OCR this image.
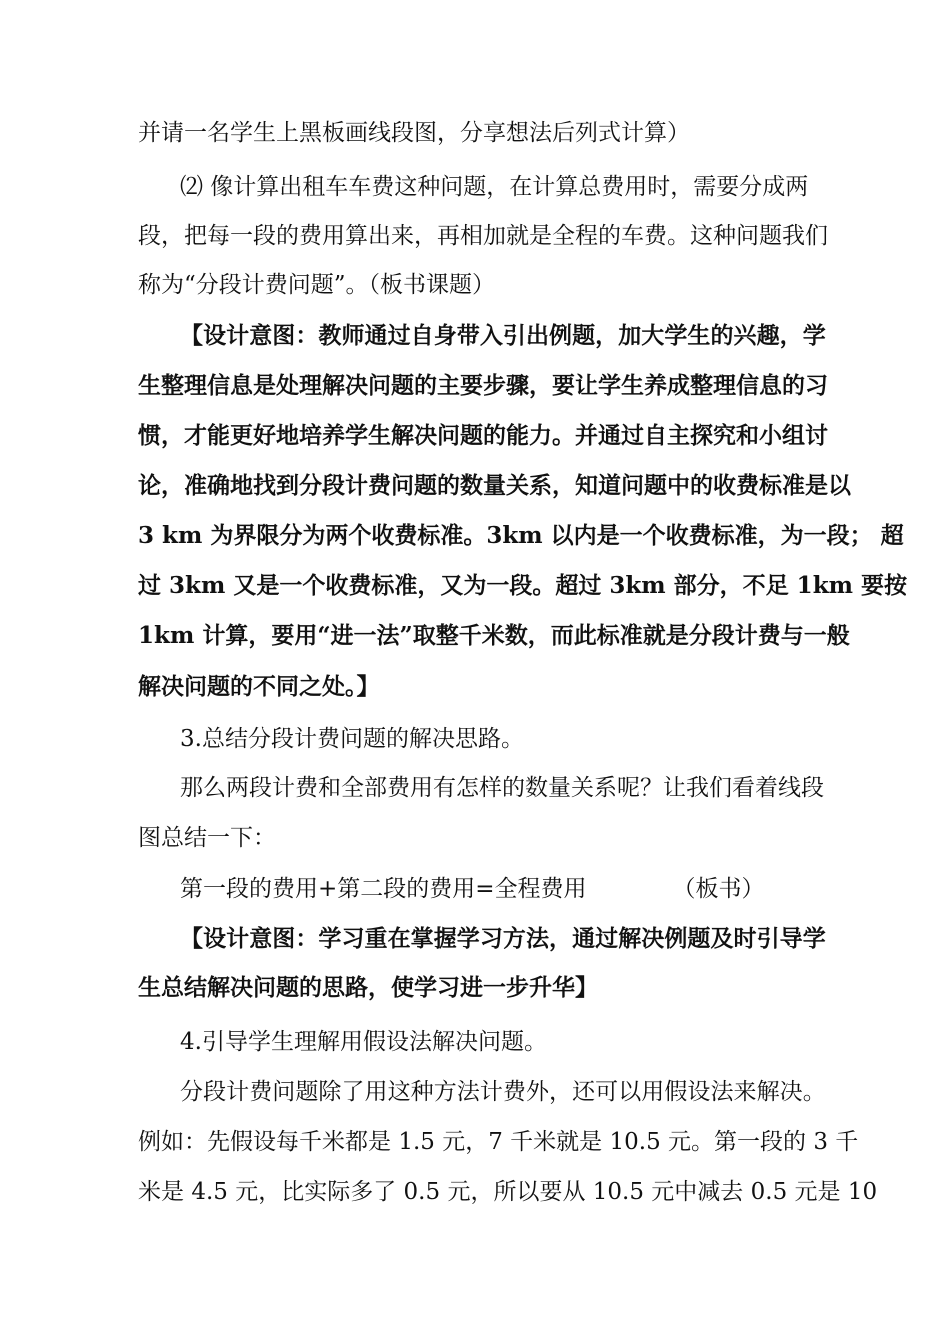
并请一名学生上黑板画线段图，分享想法后列式计算）
⑵ 像计算出租车车费这种问题，在计算总费用时，需要分成两
段 ， 把 每 一 段 的 费 用 算 出 来 ， 再 相 加 就 是 全 程 的 车 费 。 这 种 问 题 我 们
称为“分段计费问题”。（板书课题）
【 设 计 意 图 ： 教 师 通 过 自 身 带 入 引 出 例 题 ， 加 大 学 生 的 兴 趣 ， 学
生 整 理 信 息 是 处 理 解 决 问 题 的 主 要 步 骤 ， 要 让 学 生 养 成 整 理 信 息 的 习
惯 ， 才 能 更 好 地 培 养 学 生 解 决 问 题 的 能 力 。 并 通 过 自 主 探 究 和 小 组 讨
论 ， 准 确 地 找 到 分 段 计 费 问 题 的 数 量 关 系 ， 知 道 问 题 中 的 收 费 标 准 是 以
3
k m
为 界 限 分 为 两 个 收 费 标 准 。 3 k m
以 内 是 一 个 收 费 标 准 ， 为 一 段 ；
超
过
3 k m
又 是 一 个 收 费 标 准 ， 又 为 一 段 。 超 过
3 k m
部 分 ， 不 足
1 k m
要 按
1 k m
计 算 ， 要 用 “ 进 一 法 ” 取 整 千 米 数 ， 而 此 标 准 就 是 分 段 计 费 与 一 般
解决问题的不同之处。】
3.总结分段计费问题的解决思路。
那么两段计费和全部费用有怎样的数量关系呢？让我们看着线段
图总结一下：
第一段的费用+第二段的费用=全程费用	（板书）
【 设 计 意 图 ： 学 习 重 在 掌 握 学 习 方 法 ， 通 过 解 决 例 题 及 时 引 导 学
生总结解决问题的思路，使学习进一步升华】
4.引导学生理解用假设法解决问题。
分 段 计 费 问 题 除 了 用 这 种 方 法 计 费 外 ， 还 可 以 用 假 设 法 来 解 决 。
例 如 ： 先 假 设 每 千 米 都 是
1 . 5
元 ， 7
千 米 就 是
1 0 . 5
元 。 第 一 段 的
3
千
米 是
4 . 5
元 ， 比 实 际 多 了
0 . 5
元 ， 所 以 要 从
1 0 . 5
元 中 减 去
0 . 5
元 是
1 0
